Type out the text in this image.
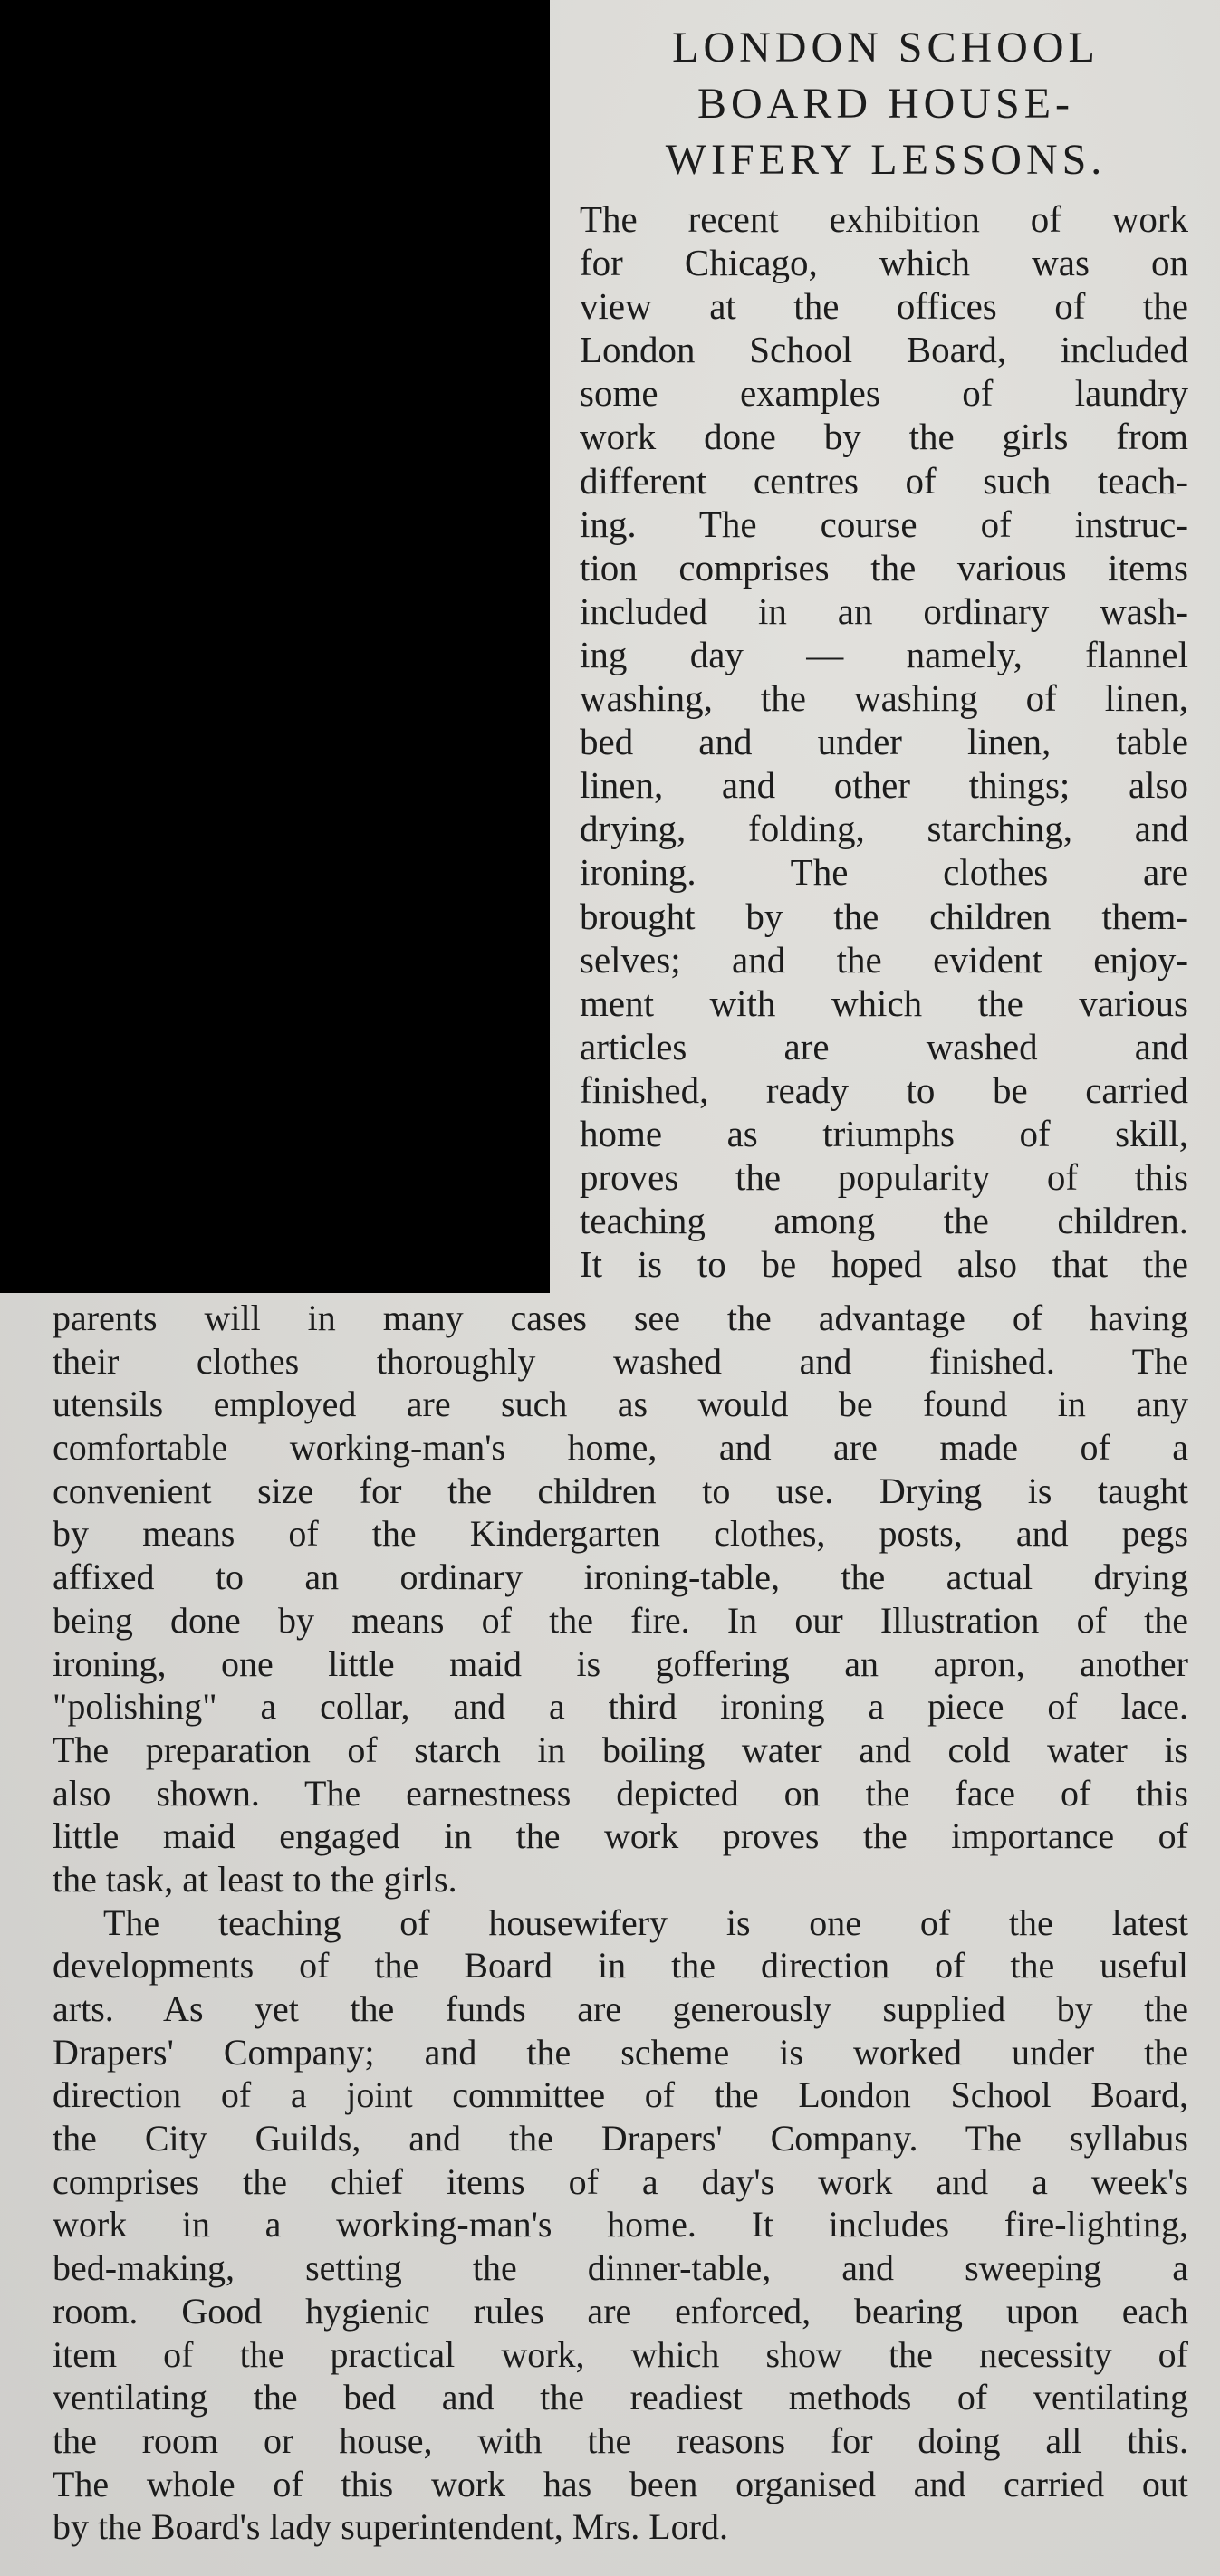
LONDON SCHOOL
BOARD HOUSE-
WIFERY LESSONS.
The recent exhibition of work
for Chicago, which was on
view at the offices of the
London School Board, included
some examples of laundry
work done by the girls from
different centres of such teach-
ing. The course of instruc-
tion comprises the various items
included in an ordinary wash-
ing day — namely, flannel
washing, the washing of linen,
bed and under linen, table
linen, and other things; also
drying, folding, starching, and
ironing. The clothes are
brought by the children them-
selves; and the evident enjoy-
ment with which the various
articles are washed and
finished, ready to be carried
home as triumphs of skill,
proves the popularity of this
teaching among the children.
It is to be hoped also that the
parents will in many cases see the advantage of having
their clothes thoroughly washed and finished. The
utensils employed are such as would be found in any
comfortable working-man's home, and are made of a
convenient size for the children to use. Drying is taught
by means of the Kindergarten clothes, posts, and pegs
affixed to an ordinary ironing-table, the actual drying
being done by means of the fire. In our Illustration of the
ironing, one little maid is goffering an apron, another
"polishing" a collar, and a third ironing a piece of lace.
The preparation of starch in boiling water and cold water is
also shown. The earnestness depicted on the face of this
little maid engaged in the work proves the importance of
the task, at least to the girls.
The teaching of housewifery is one of the latest
developments of the Board in the direction of the useful
arts. As yet the funds are generously supplied by the
Drapers' Company; and the scheme is worked under the
direction of a joint committee of the London School Board,
the City Guilds, and the Drapers' Company. The syllabus
comprises the chief items of a day's work and a week's
work in a working-man's home. It includes fire-lighting,
bed-making, setting the dinner-table, and sweeping a
room. Good hygienic rules are enforced, bearing upon each
item of the practical work, which show the necessity of
ventilating the bed and the readiest methods of ventilating
the room or house, with the reasons for doing all this.
The whole of this work has been organised and carried out
by the Board's lady superintendent, Mrs. Lord.
